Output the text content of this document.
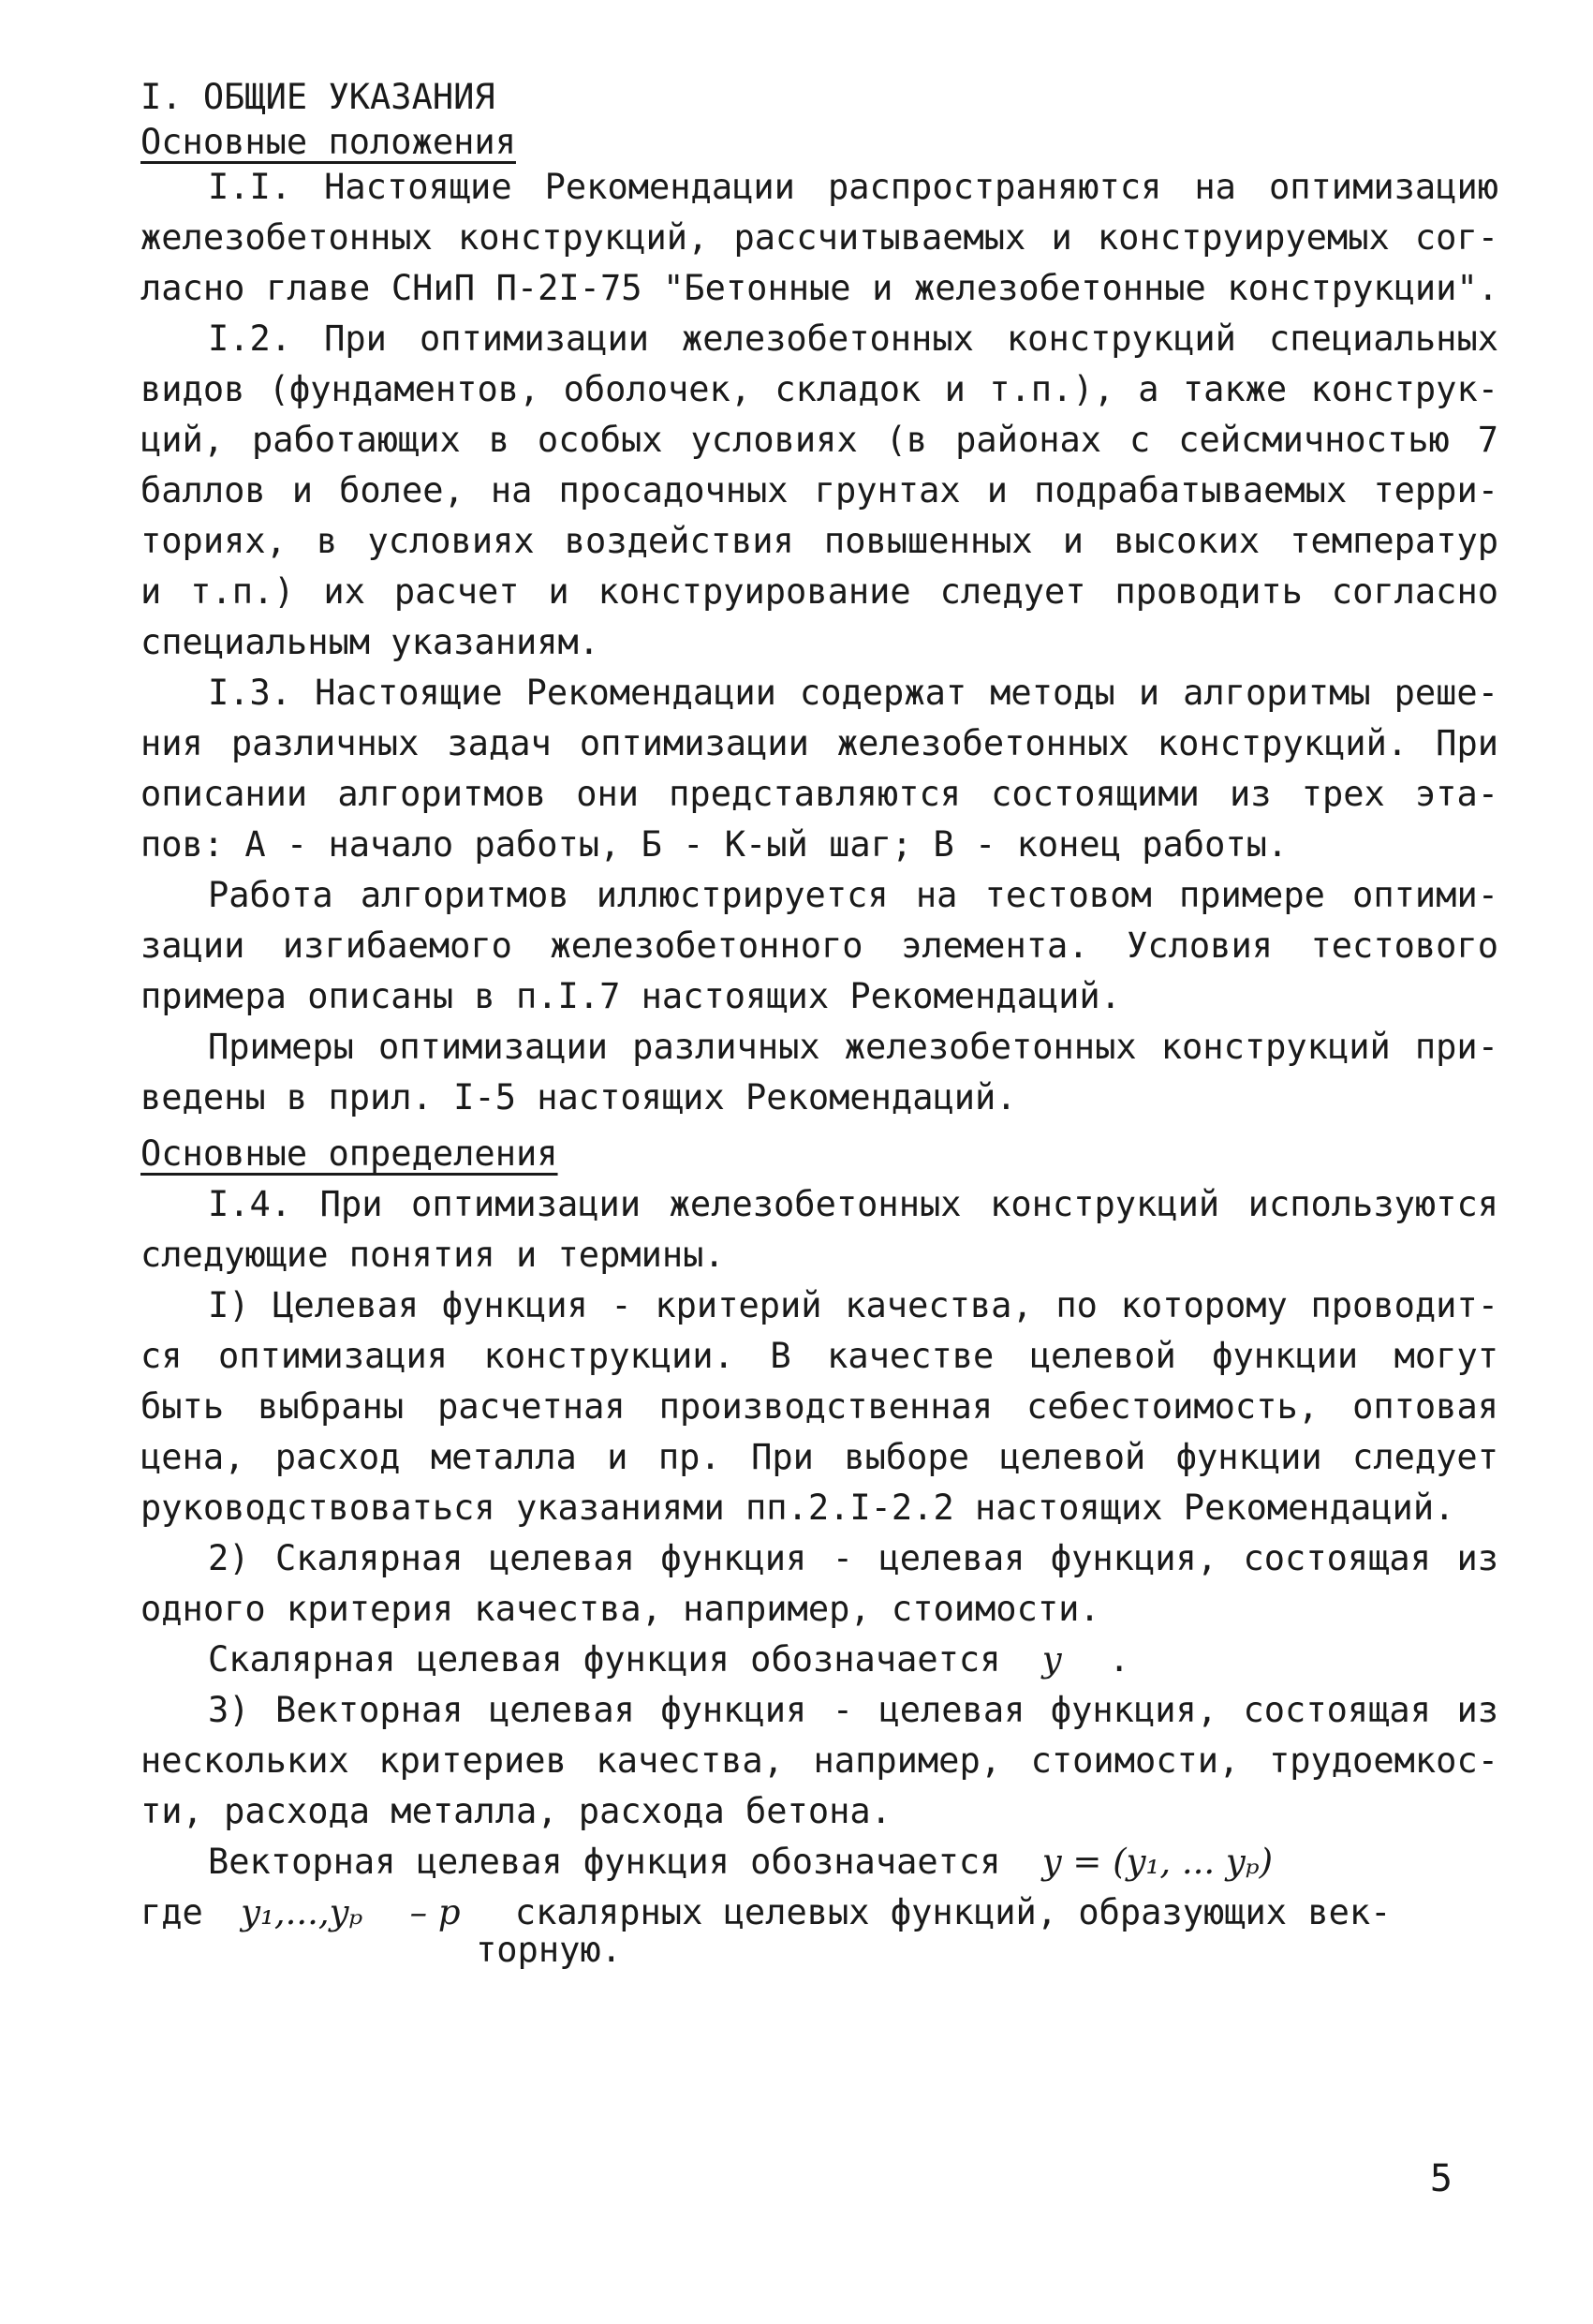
I. ОБЩИЕ УКАЗАНИЯ
Основные положения
I.I. Настоящие Рекомендации распространяются на оптимизацию
железобетонных конструкций, рассчитываемых и конструируемых сог-
ласно главе СНиП П-2I-75 "Бетонные и железобетонные конструкции".
I.2. При оптимизации железобетонных конструкций специальных
видов (фундаментов, оболочек, складок и т.п.), а также конструк-
ций, работающих в особых условиях (в районах с сейсмичностью 7
баллов и более, на просадочных грунтах и подрабатываемых терри-
ториях, в условиях воздействия повышенных и высоких температур
и т.п.) их расчет и конструирование следует проводить согласно
специальным указаниям.
I.3. Настоящие Рекомендации содержат методы и алгоритмы реше-
ния различных задач оптимизации железобетонных конструкций. При
описании алгоритмов они представляются состоящими из трех эта-
пов: А - начало работы, Б - К-ый шаг; В - конец работы.
Работа алгоритмов иллюстрируется на тестовом примере оптими-
зации изгибаемого железобетонного элемента. Условия тестового
примера описаны в п.I.7 настоящих Рекомендаций.
Примеры оптимизации различных железобетонных конструкций при-
ведены в прил. I-5 настоящих Рекомендаций.
Основные определения
I.4. При оптимизации железобетонных конструкций используются
следующие понятия и термины.
I) Целевая функция - критерий качества, по которому проводит-
ся оптимизация конструкции. В качестве целевой функции могут
быть выбраны расчетная производственная себестоимость, оптовая
цена, расход металла и пр. При выборе целевой функции следует
руководствоваться указаниями пп.2.I-2.2 настоящих Рекомендаций.
2) Скалярная целевая функция - целевая функция, состоящая из
одного критерия качества, например, стоимости.
Скалярная целевая функция обозначается y .
3) Векторная целевая функция - целевая функция, состоящая из
нескольких критериев качества, например, стоимости, трудоемкос-
ти, расхода металла, расхода бетона.
Векторная целевая функция обозначается y = (y₁, ... yₚ)
где y₁,...,yₚ – p скалярных целевых функций, образующих век-
торную.
5
